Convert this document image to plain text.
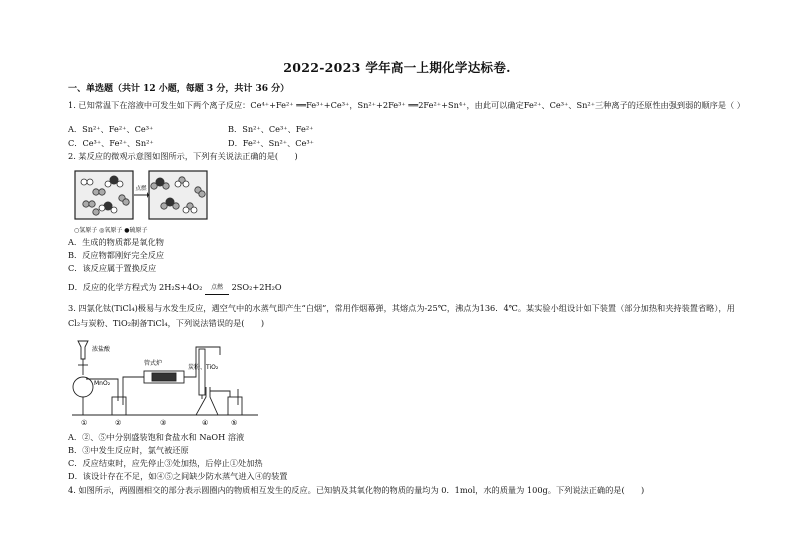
2022-2023 学年高一上期化学达标卷.
一、单选题（共计 12 小题，每题 3 分，共计 36 分）
1. 已知常温下在溶液中可发生如下两个离子反应：Ce⁴⁺+Fe²⁺ ══Fe³⁺+Ce³⁺，Sn²⁺+2Fe³⁺ ══2Fe²⁺+Sn⁴⁺，由此可以确定Fe²⁺、Ce³⁺、Sn²⁺三种离子的还原性由强到弱的顺序是（ ）
A．Sn²⁺、Fe²⁺、Ce³⁺	B．Sn²⁺、Ce³⁺、Fe²⁺
C．Ce³⁺、Fe²⁺、Sn²⁺	D．Fe²⁺、Sn²⁺、Ce³⁺
2. 某反应的微观示意图如图所示，下列有关说法正确的是(　　)
点燃
○氢原子 ◎氧原子 ●硫原子
A．生成的物质都是氧化物
B．反应物都刚好完全反应
C．该反应属于置换反应
D．反应的化学方程式为 2H₂S+4O₂	点燃	2SO₂+2H₂O
3. 四氯化钛(TiCl₄)极易与水发生反应，遇空气中的水蒸气即产生“白烟”，常用作烟幕弹，其熔点为-25℃，沸点为136．4℃。某实验小组设计如下装置（部分加热和夹持装置省略），用
Cl₂与炭粉、TiO₂制备TiCl₄，下列说法错误的是(　　)
浓盐酸
MnO₂
管式炉
炭粉、TiO₂
①	②	③	④	⑤
A．②、⑤中分别盛装饱和食盐水和 NaOH 溶液
B．③中发生反应时，氯气被还原
C．反应结束时，应先停止③处加热，后停止①处加热
D．该设计存在不足，如④⑤之间缺少防水蒸气进入④的装置
4. 如图所示，两圆圈相交的部分表示圆圈内的物质相互发生的反应。已知钠及其氧化物的物质的量均为 0．1mol，水的质量为 100g。下列说法正确的是(　　)
